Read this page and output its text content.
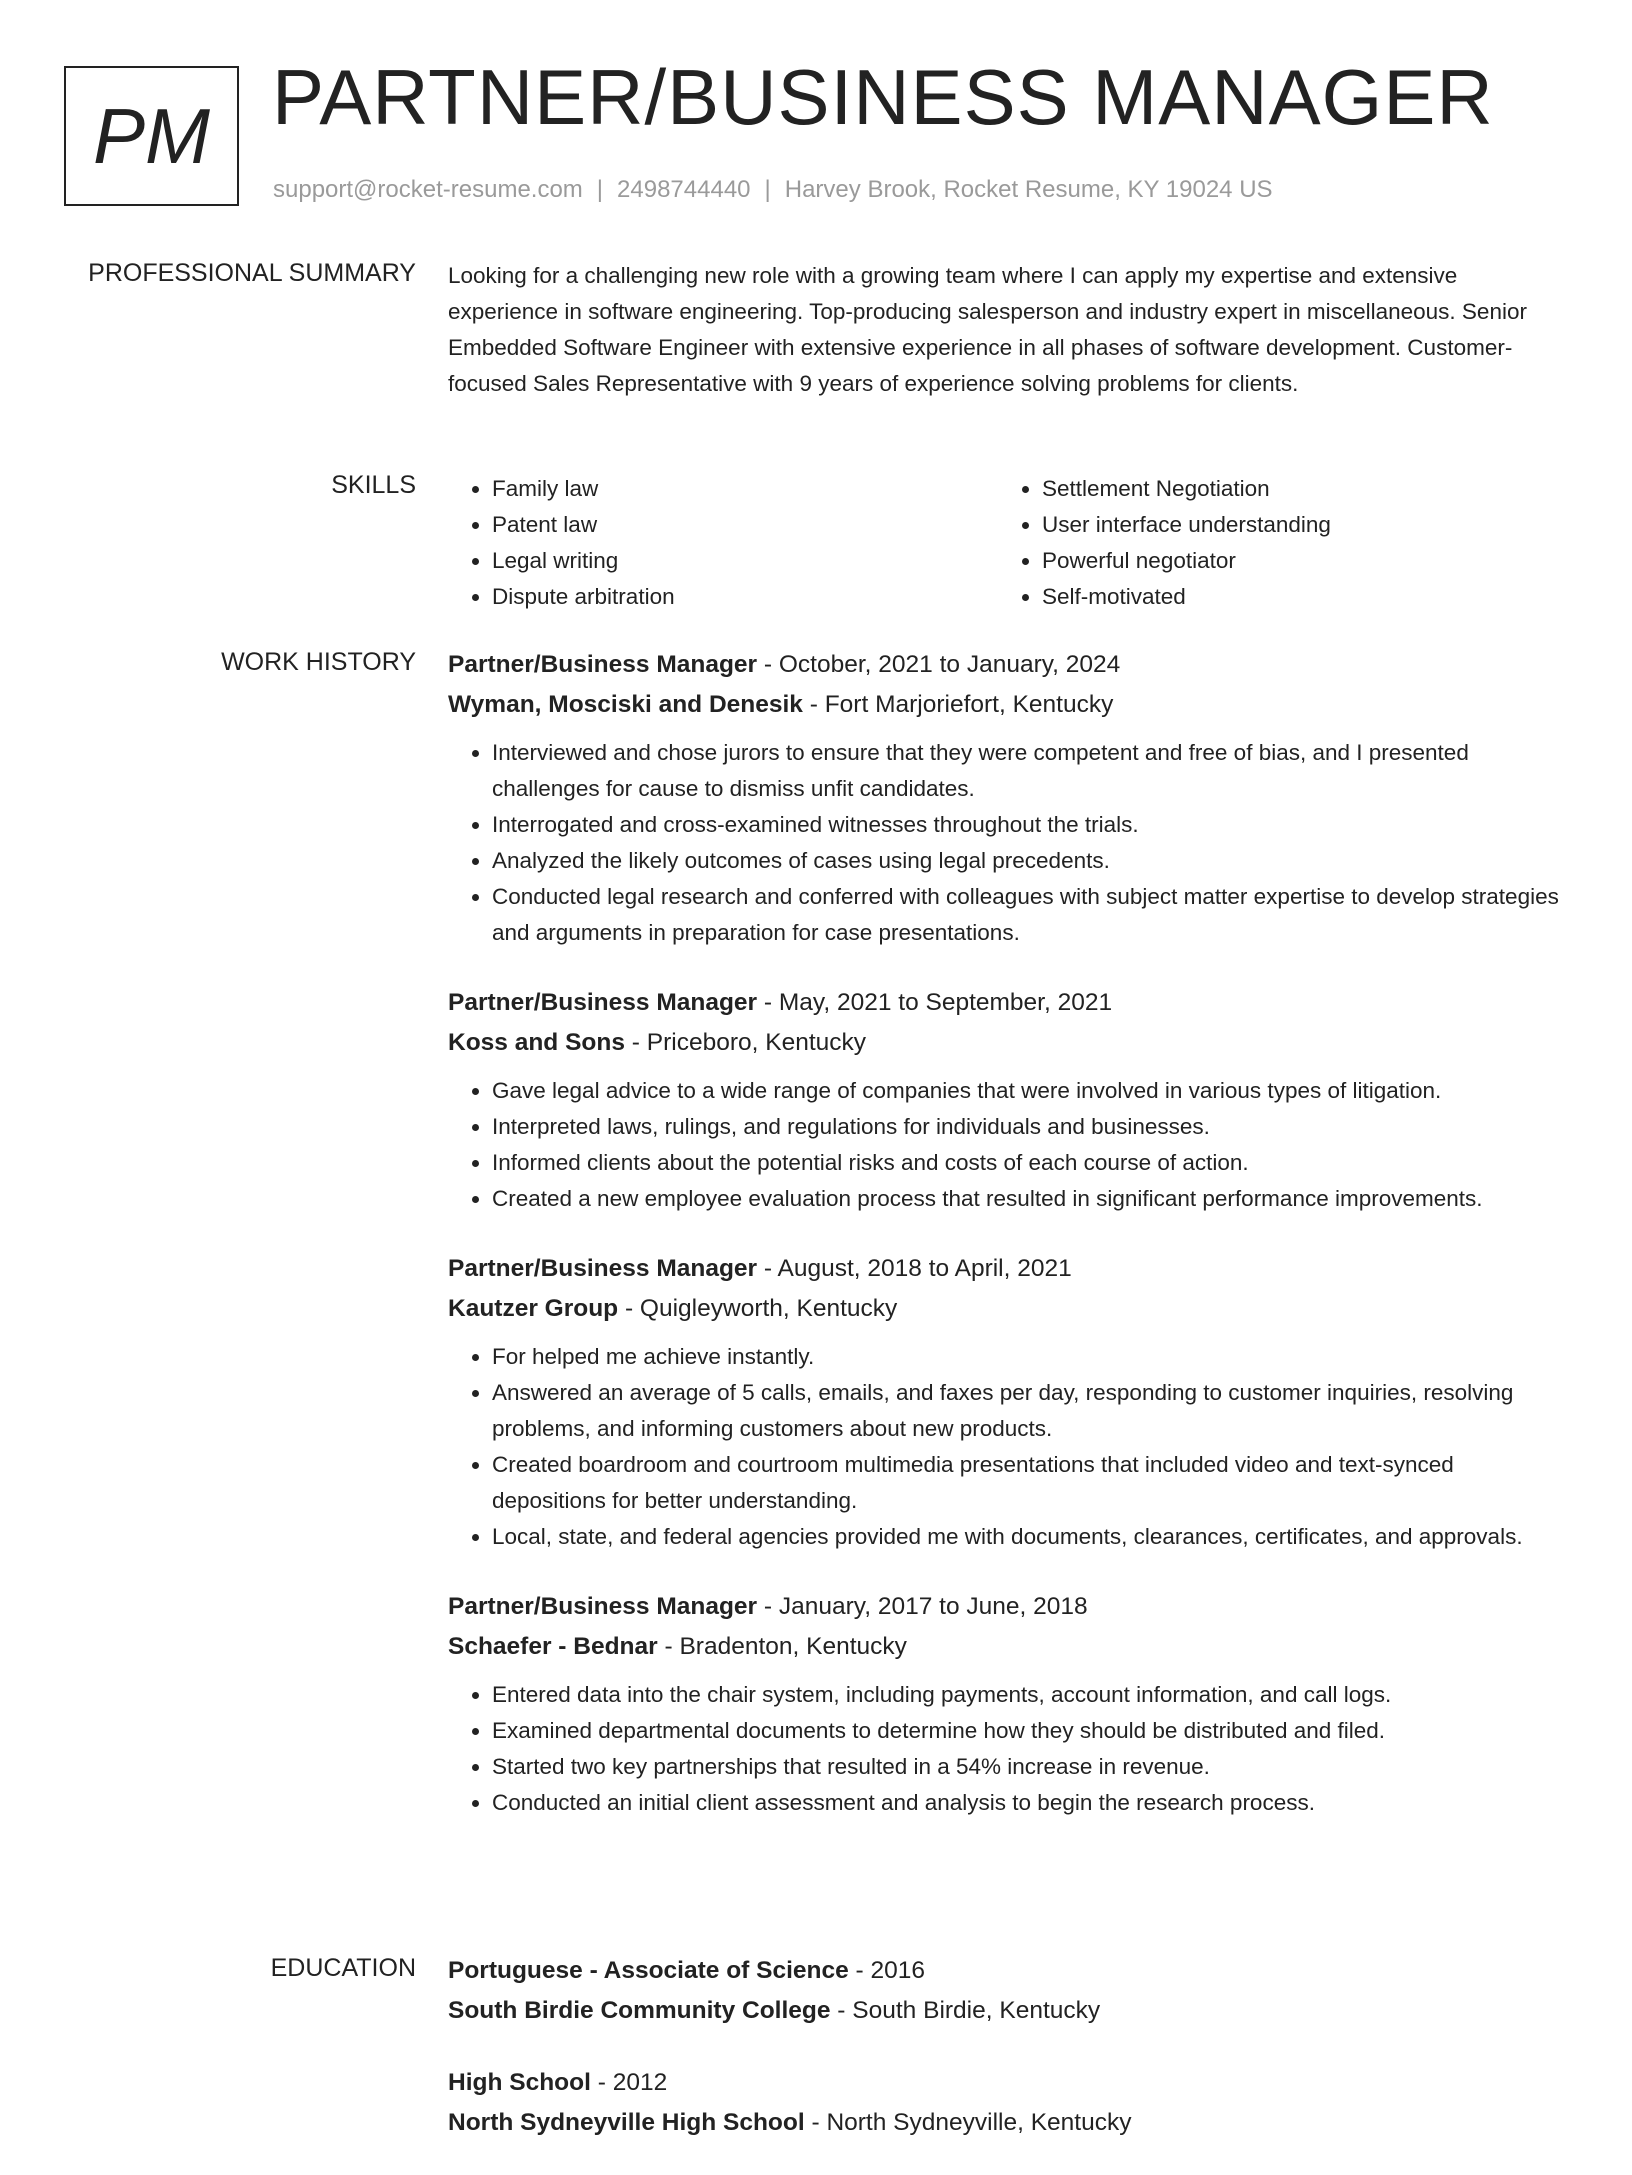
PM PARTNER/BUSINESS MANAGER
support@rocket-resume.com | 2498744440 | Harvey Brook, Rocket Resume, KY 19024 US
PROFESSIONAL SUMMARY Looking for a challenging new role with a growing team where I can apply my expertise and extensive experience in software engineering. Top-producing salesperson and industry expert in miscellaneous. Senior Embedded Software Engineer with extensive experience in all phases of software development. Customer-focused Sales Representative with 9 years of experience solving problems for clients.

SKILLS
•	Family law
• Patent law
• Legal writing
• Dispute arbitration
• Settlement Negotiation
• User interface understanding
• Powerful negotiator
• Self-motivated
WORK HISTORY Partner/Business Manager - October, 2021 to January, 2024
Wyman, Mosciski and Denesik - Fort Marjoriefort, Kentucky
• Interviewed and chose jurors to ensure that they were competent and free of bias, and I presented challenges for cause to dismiss unfit candidates.
• Interrogated and cross-examined witnesses throughout the trials.
• Analyzed the likely outcomes of cases using legal precedents.
• Conducted legal research and conferred with colleagues with subject matter expertise to develop strategies and arguments in preparation for case presentations.
Partner/Business Manager - May, 2021 to September, 2021
Koss and Sons - Priceboro, Kentucky
• Gave legal advice to a wide range of companies that were involved in various types of litigation.
• Interpreted laws, rulings, and regulations for individuals and businesses.
• Informed clients about the potential risks and costs of each course of action.
• Created a new employee evaluation process that resulted in significant performance improvements.
Partner/Business Manager - August, 2018 to April, 2021
Kautzer Group - Quigleyworth, Kentucky
• For helped me achieve instantly.
• Answered an average of 5 calls, emails, and faxes per day, responding to customer inquiries, resolving problems, and informing customers about new products.
• Created boardroom and courtroom multimedia presentations that included video and text-synced depositions for better understanding.
• Local, state, and federal agencies provided me with documents, clearances, certificates, and approvals.
Partner/Business Manager - January, 2017 to June, 2018
Schaefer - Bednar - Bradenton, Kentucky
• Entered data into the chair system, including payments, account information, and call logs.
• Examined departmental documents to determine how they should be distributed and filed.
• Started two key partnerships that resulted in a 54% increase in revenue.
• Conducted an initial client assessment and analysis to begin the research process.
EDUCATION Portuguese - Associate of Science - 2016
South Birdie Community College - South Birdie, Kentucky
High School - 2012
North Sydneyville High School - North Sydneyville, Kentucky
